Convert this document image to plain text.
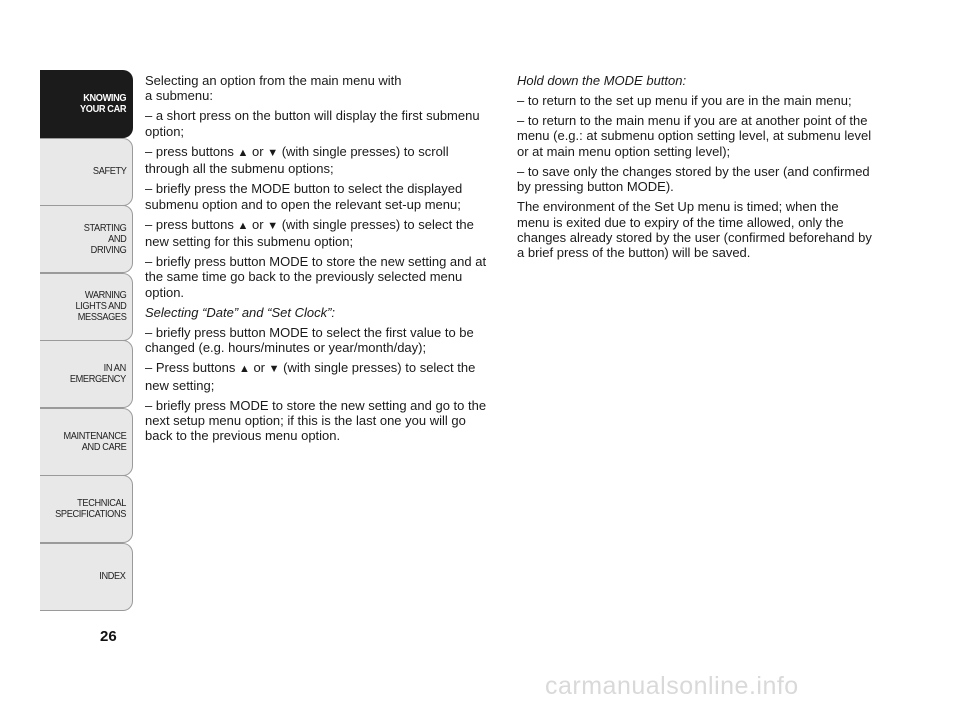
KNOWING
YOUR CAR
SAFETY
STARTING
AND
DRIVING
WARNING
LIGHTS AND
MESSAGES
IN AN
EMERGENCY
MAINTENANCE
AND CARE
TECHNICAL
SPECIFICATIONS
INDEX
26

Selecting an option from the main menu with
a submenu:

– a short press on the button will display the first submenu option;

– press buttons ▲ or ▼ (with single presses) to scroll through all the submenu options;

– briefly press the MODE button to select the displayed submenu option and to open the relevant set-up menu;

– press buttons ▲ or ▼ (with single presses) to select the new setting for this submenu option;

– briefly press button MODE to store the new setting and at the same time go back to the previously selected menu option.

Selecting “Date” and “Set Clock”:

– briefly press button MODE to select the first value to be changed (e.g. hours/minutes or year/month/day);

– Press buttons ▲ or ▼ (with single presses) to select the new setting;

– briefly press MODE to store the new setting and go to the next setup menu option; if this is the last one you will go back to the previous menu option.

Hold down the MODE button:

– to return to the set up menu if you are in the main menu;

– to return to the main menu if you are at another point of the menu (e.g.: at submenu option setting level, at submenu level or at main menu option setting level);

– to save only the changes stored by the user (and confirmed by pressing button MODE).

The environment of the Set Up menu is timed; when the menu is exited due to expiry of the time allowed, only the changes already stored by the user (confirmed beforehand by a brief press of the button) will be saved.

carmanualsonline.info
